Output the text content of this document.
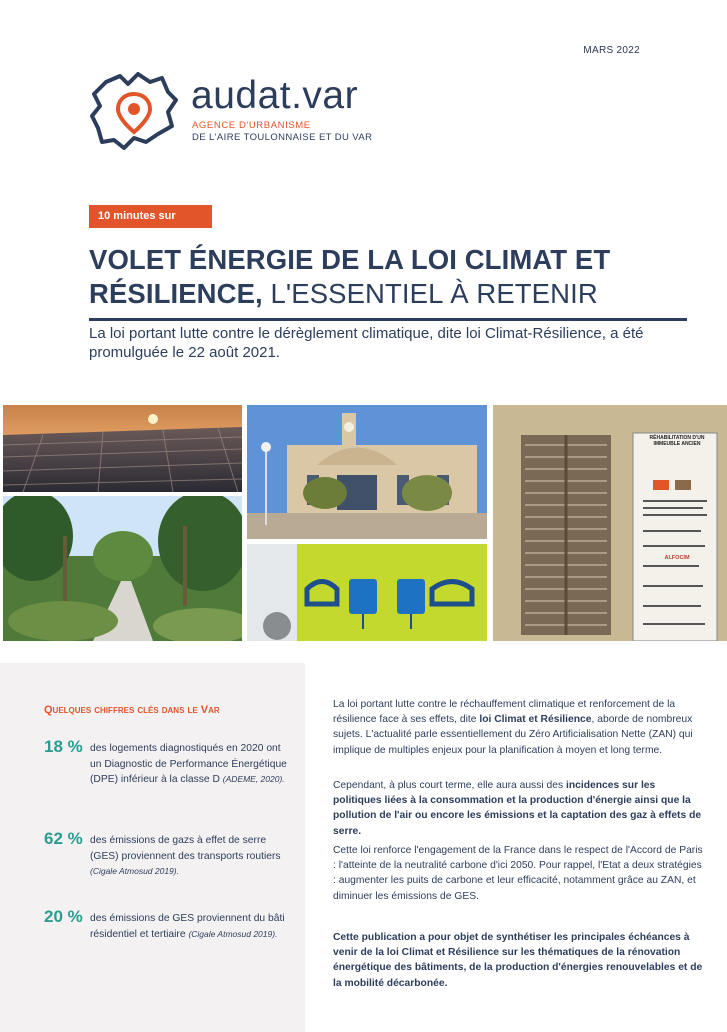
MARS 2022
audat.var
AGENCE D'URBANISME
DE L'AIRE TOULONNAISE ET DU VAR
10 minutes sur
VOLET ÉNERGIE DE LA LOI CLIMAT ET RÉSILIENCE, L'ESSENTIEL À RETENIR
La loi portant lutte contre le dérèglement climatique, dite loi Climat-Résilience, a été promulguée le 22 août 2021.
RÉHABILITATION D'UN IMMEUBLE ANCIEN
ALFOCIM
Quelques chiffres clés dans le Var
18 % des logements diagnostiqués en 2020 ont un Diagnostic de Performance Énergétique (DPE) inférieur à la classe D (ADEME, 2020).
62 % des émissions de gazs à effet de serre (GES) proviennent des transports routiers (Cigale Atmosud 2019).
20 % des émissions de GES proviennent du bâti résidentiel et tertiaire (Cigale Atmosud 2019).
La loi portant lutte contre le réchauffement climatique et renforcement de la résilience face à ses effets, dite loi Climat et Résilience, aborde de nombreux sujets. L'actualité parle essentiellement du Zéro Artificialisation Nette (ZAN) qui implique de multiples enjeux pour la planification à moyen et long terme.
Cependant, à plus court terme, elle aura aussi des incidences sur les politiques liées à la consommation et la production d'énergie ainsi que la pollution de l'air ou encore les émissions et la captation des gaz à effets de serre.
Cette loi renforce l'engagement de la France dans le respect de l'Accord de Paris : l'atteinte de la neutralité carbone d'ici 2050. Pour rappel, l'Etat a deux stratégies : augmenter les puits de carbone et leur efficacité, notamment grâce au ZAN, et diminuer les émissions de GES.
Cette publication a pour objet de synthétiser les principales échéances à venir de la loi Climat et Résilience sur les thématiques de la rénovation énergétique des bâtiments, de la production d'énergies renouvelables et de la mobilité décarbonée.
